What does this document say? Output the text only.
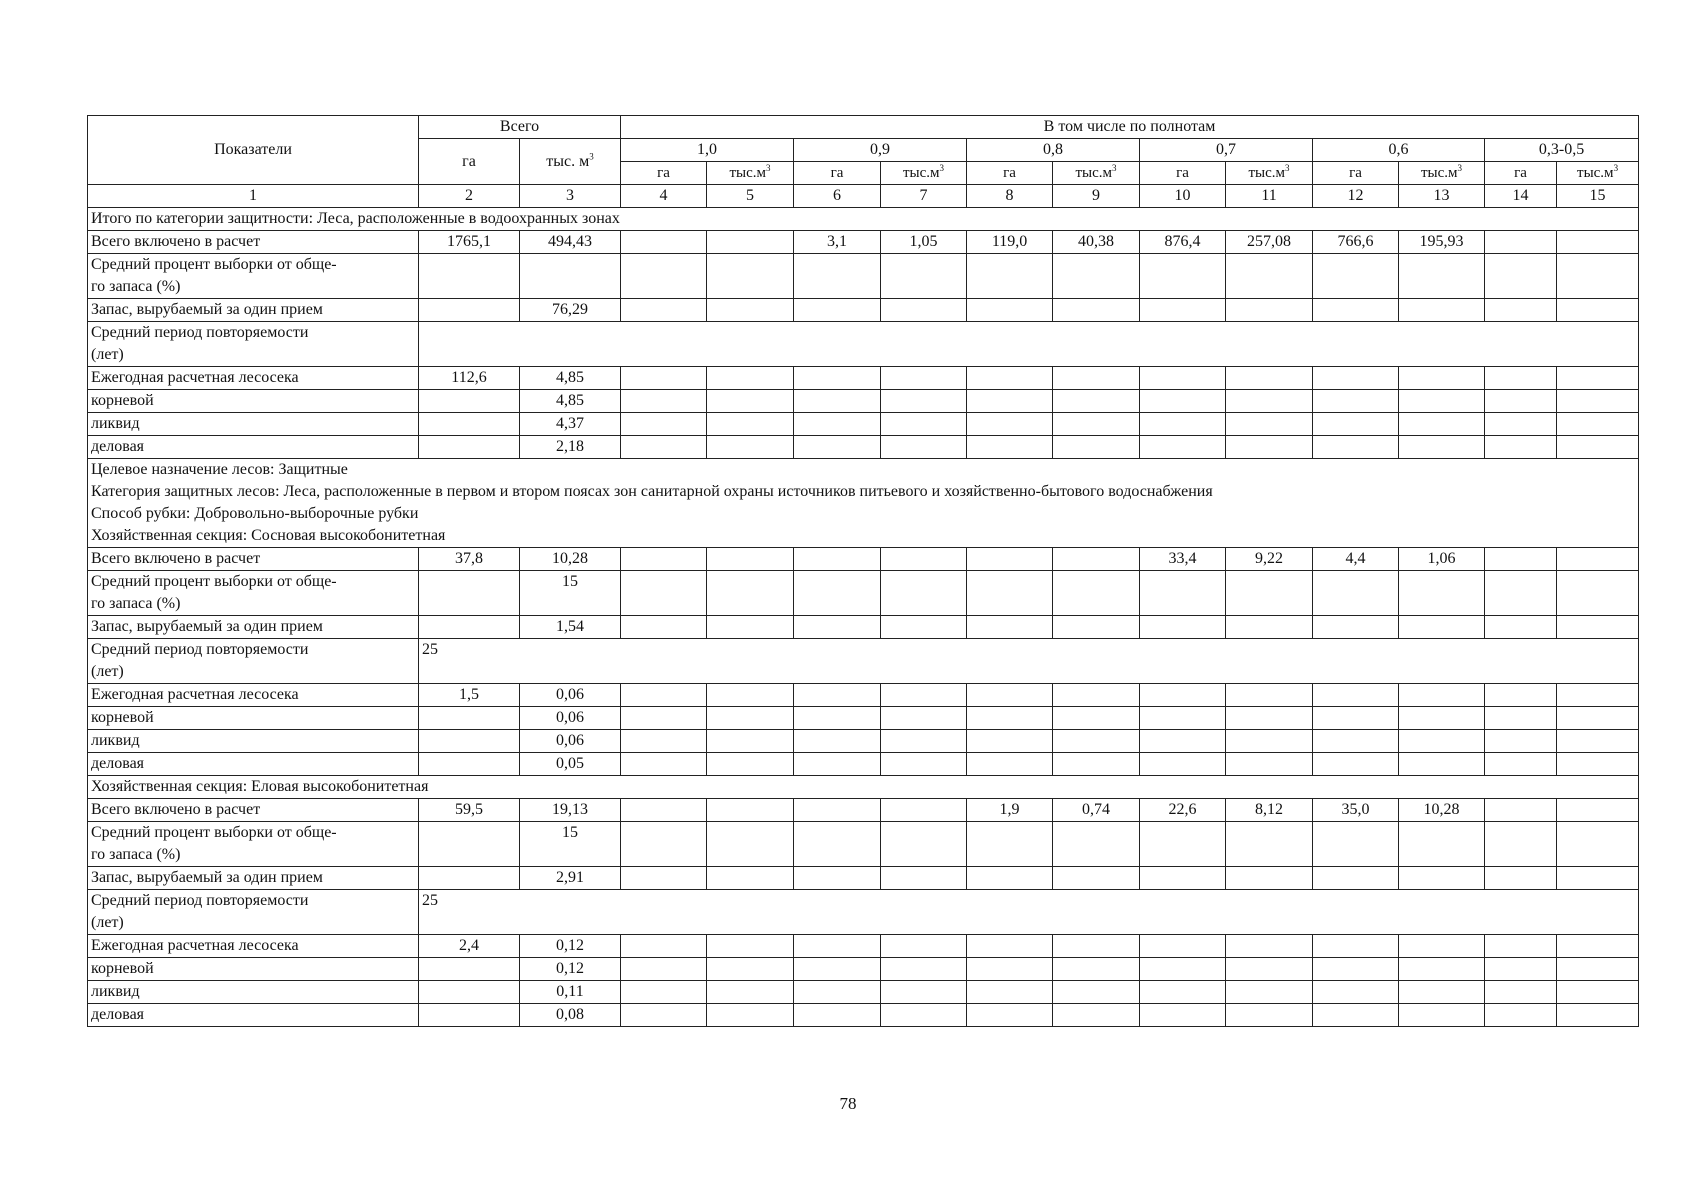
Показатели	Всего		В том числе по полнотам											
	га	тыс. $м^3$	1,0		0,9		0,8		0,7		0,6		0,3-0,5	
			га	$тыс.м^3$	га	$тыс.м^3$	га	$тыс.м^3$	га	$тыс.м^3$	га	$тыс.м^3$	га	$тыс.м^3$
1	2	3	4	5	6	7	8	9	10	11	12	13	14	15
Итого по категории защитности: Леса, расположенные в водоохранных зонах														
Всего включено в расчет	1765,1	494,43			3,1	1,05	119,0	40,38	876,4	257,08	766,6	195,93		
Средний процент выборки от обще-
го запаса (%)														
Запас, вырубаемый за один прием		76,29												
Средний период повторяемости
(лет)														
Ежегодная расчетная лесосека	112,6	4,85												
корневой		4,85												
ликвид		4,37												
деловая		2,18												

Целевое назначение лесов: Защитные
Категория защитных лесов: Леса, расположенные в первом и втором поясах зон санитарной охраны источников питьевого и хозяйственно-бытового водоснабжения
Способ рубки: Добровольно-выборочные рубки
Хозяйственная секция: Сосновая высокобонитетная														

Всего включено в расчет	37,8	10,28							33,4	9,22	4,4	1,06		
Средний процент выборки от обще-
го запаса (%)		15												
Запас, вырубаемый за один прием		1,54												
Средний период повторяемости
(лет)	25													
Ежегодная расчетная лесосека	1,5	0,06												
корневой		0,06												
ликвид		0,06												
деловая		0,05												
Хозяйственная секция: Еловая высокобонитетная														
Всего включено в расчет	59,5	19,13					1,9	0,74	22,6	8,12	35,0	10,28		
Средний процент выборки от обще-
го запаса (%)		15												
Запас, вырубаемый за один прием		2,91												
Средний период повторяемости
(лет)	25													
Ежегодная расчетная лесосека	2,4	0,12												
корневой		0,12												
ликвид		0,11												
деловая		0,08												
78
